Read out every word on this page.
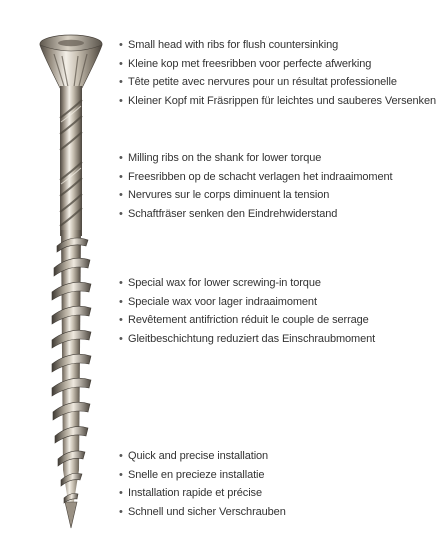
• Small head with ribs for flush countersinking
• Kleine kop met freesribben voor perfecte afwerking
• Tête petite avec nervures pour un résultat professionelle
• Kleiner Kopf mit Fräsrippen für leichtes und sauberes Versenken
• Milling ribs on the shank for lower torque
• Freesribben op de schacht verlagen het indraaimoment
• Nervures sur le corps diminuent la tension
• Schaftfräser senken den Eindrehwiderstand
• Special wax for lower screwing-in torque
• Speciale wax voor lager indraaimoment
• Revêtement antifriction réduit le couple de serrage
• Gleitbeschichtung reduziert das Einschraubmoment
• Quick and precise installation
• Snelle en precieze installatie
• Installation rapide et précise
• Schnell und sicher Verschrauben
